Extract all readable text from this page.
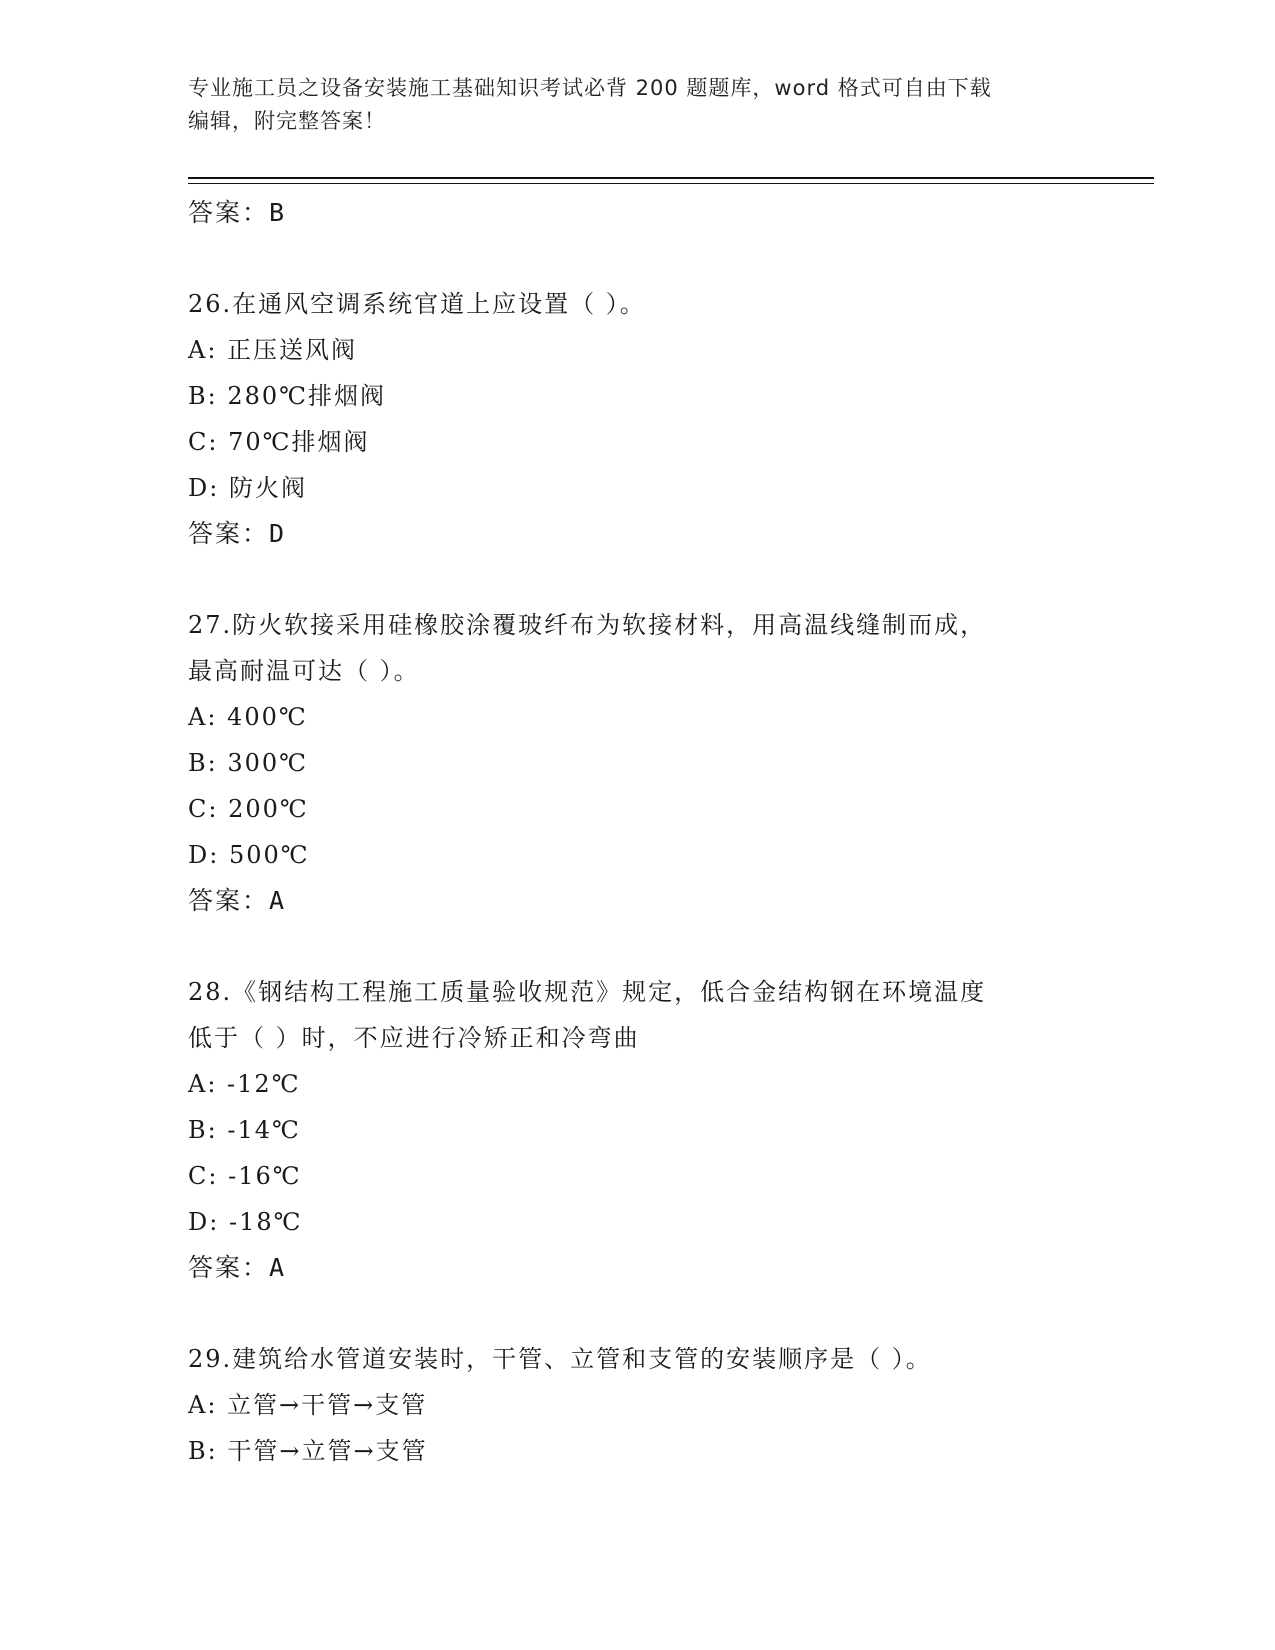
专业施工员之设备安装施工基础知识考试必背 200 题题库，word 格式可自由下载
编辑，附完整答案！
答案：B
26.在通风空调系统官道上应设置（ ）。
A: 正压送风阀
B: 280℃排烟阀
C: 70℃排烟阀
D: 防火阀
答案：D
27.防火软接采用硅橡胶涂覆玻纤布为软接材料，用高温线缝制而成，
最高耐温可达（ ）。
A: 400℃
B: 300℃
C: 200℃
D: 500℃
答案：A
28.《钢结构工程施工质量验收规范》规定，低合金结构钢在环境温度
低于（ ）时，不应进行冷矫正和冷弯曲
A: -12℃
B: -14℃
C: -16℃
D: -18℃
答案：A
29.建筑给水管道安装时，干管、立管和支管的安装顺序是（ ）。
A: 立管→干管→支管
B: 干管→立管→支管
